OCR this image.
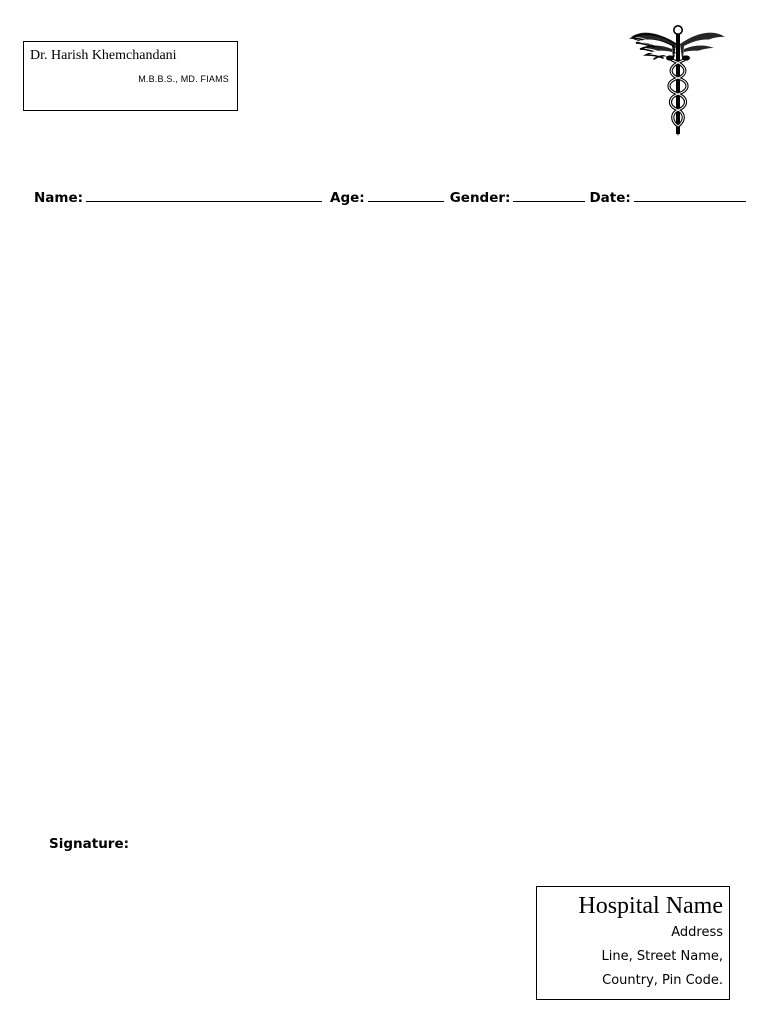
Dr. Harish Khemchandani
M.B.B.S., MD. FIAMS
Name:	Age:	Gender:	Date:
Signature:
Hospital Name
Address
Line, Street Name,
Country, Pin Code.
